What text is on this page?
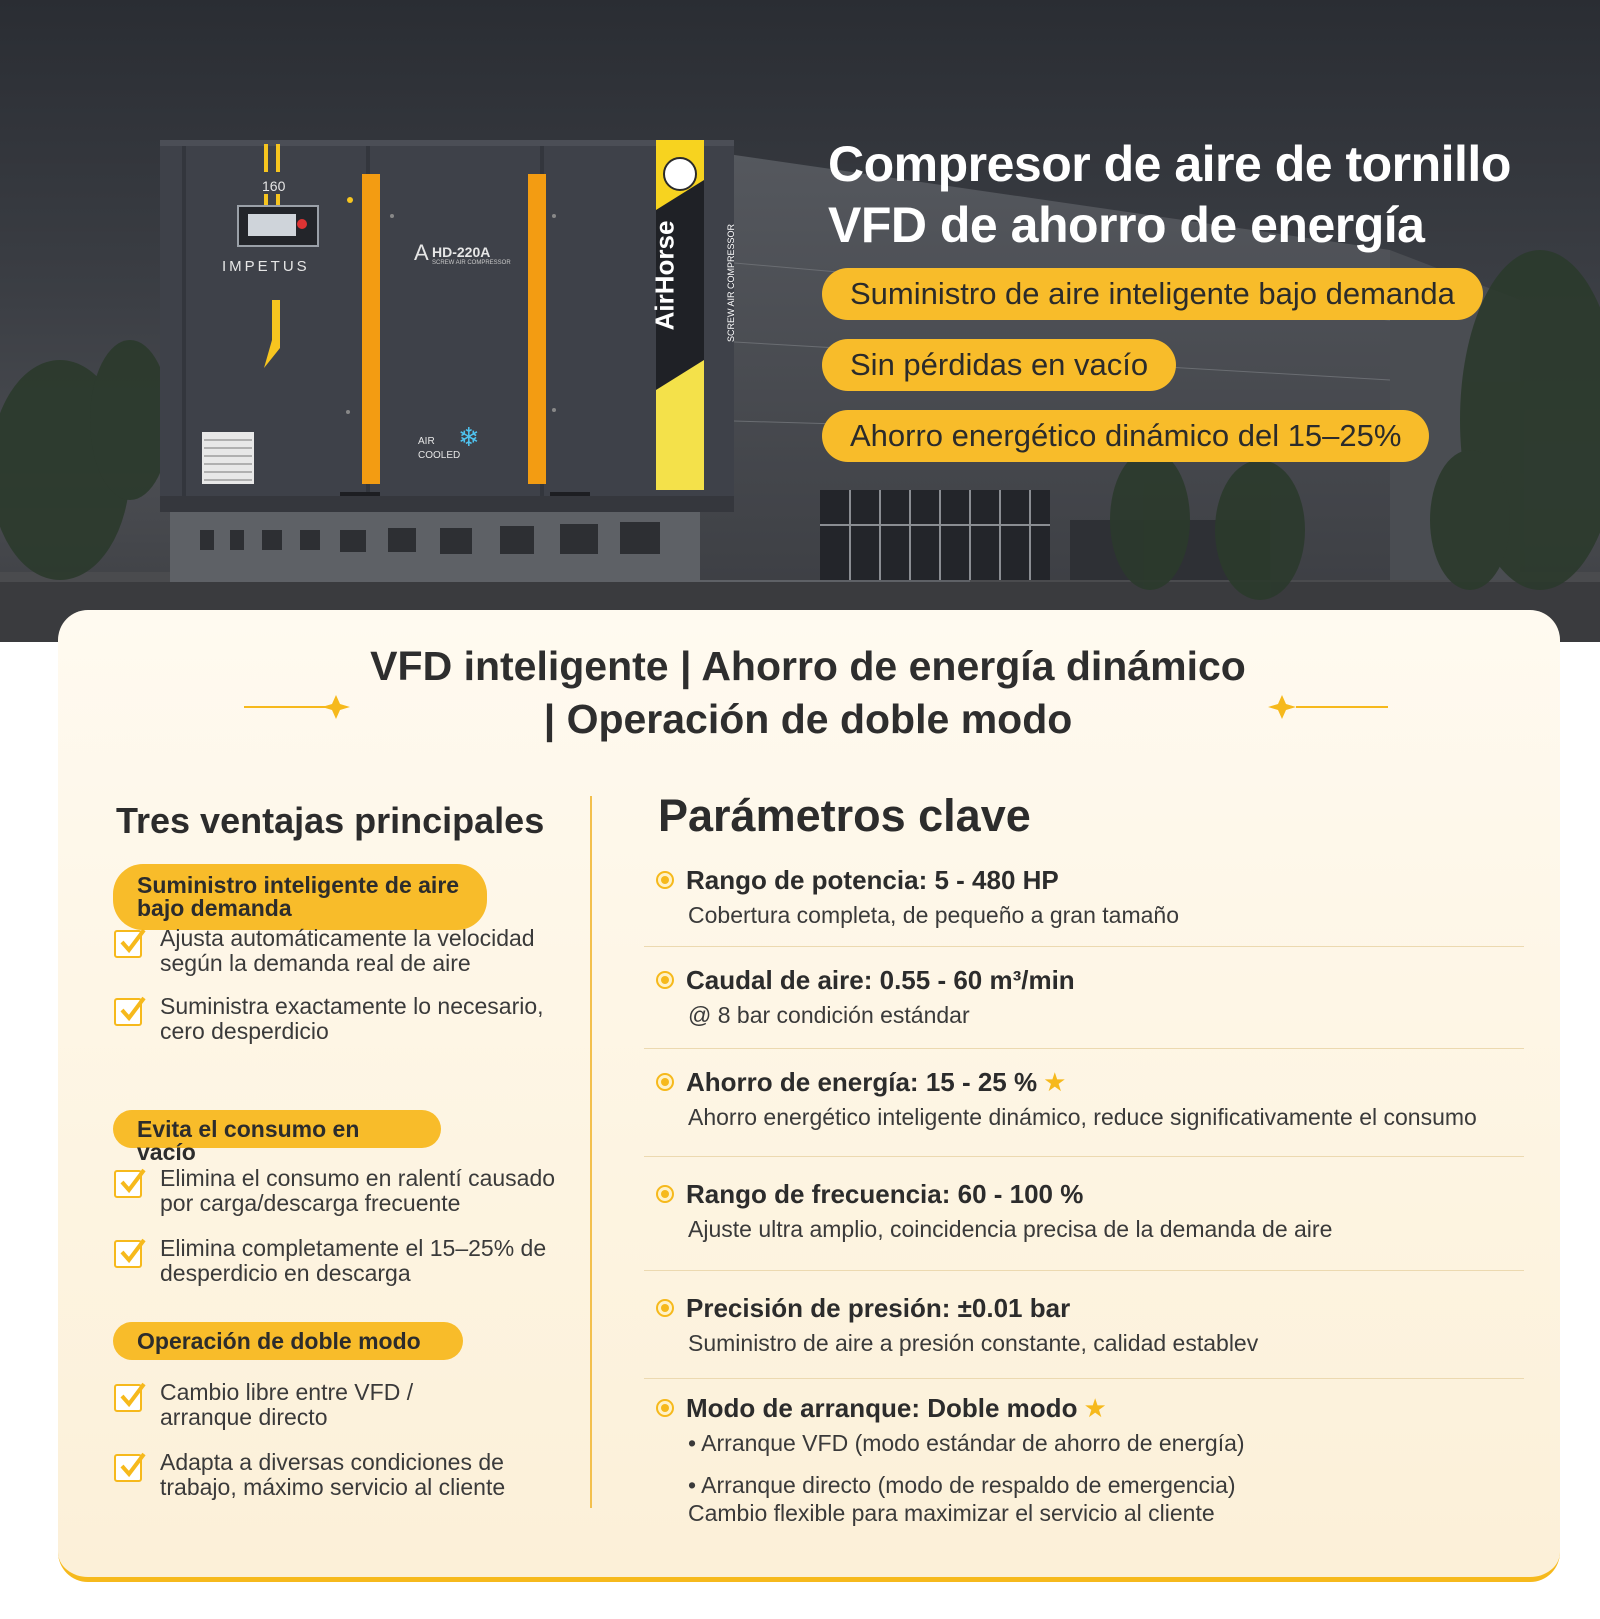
160
IMPETUS
A HD-220A
SCREW AIR COMPRESSOR
AIR
COOLED
❄
AirHorse	SCREW AIR COMPRESSOR
Compresor de aire de tornillo
VFD de ahorro de energía
Suministro de aire inteligente bajo demanda
Sin pérdidas en vacío
Ahorro energético dinámico del 15–25%
VFD inteligente | Ahorro de energía dinámico
| Operación de doble modo
Tres ventajas principales
Suministro inteligente de aire bajo demanda
Ajusta automáticamente la velocidad según la demanda real de aire
Suministra exactamente lo necesario, cero desperdicio
Evita el consumo en vacío
Elimina el consumo en ralentí causado por carga/descarga frecuente
Elimina completamente el 15–25% de desperdicio en descarga
Operación de doble modo
Cambio libre entre VFD / arranque directo
Adapta a diversas condiciones de trabajo, máximo servicio al cliente
Parámetros clave
Rango de potencia: 5 - 480 HP
Cobertura completa, de pequeño a gran tamaño
Caudal de aire: 0.55 - 60 m³/min
@ 8 bar condición estándar
Ahorro de energía: 15 - 25 % ★
Ahorro energético inteligente dinámico, reduce significativamente el consumo
Rango de frecuencia: 60 - 100 %
Ajuste ultra amplio, coincidencia precisa de la demanda de aire
Precisión de presión: ±0.01 bar
Suministro de aire a presión constante, calidad establev
Modo de arranque: Doble modo ★
• Arranque VFD (modo estándar de ahorro de energía)
• Arranque directo (modo de respaldo de emergencia)
Cambio flexible para maximizar el servicio al cliente
